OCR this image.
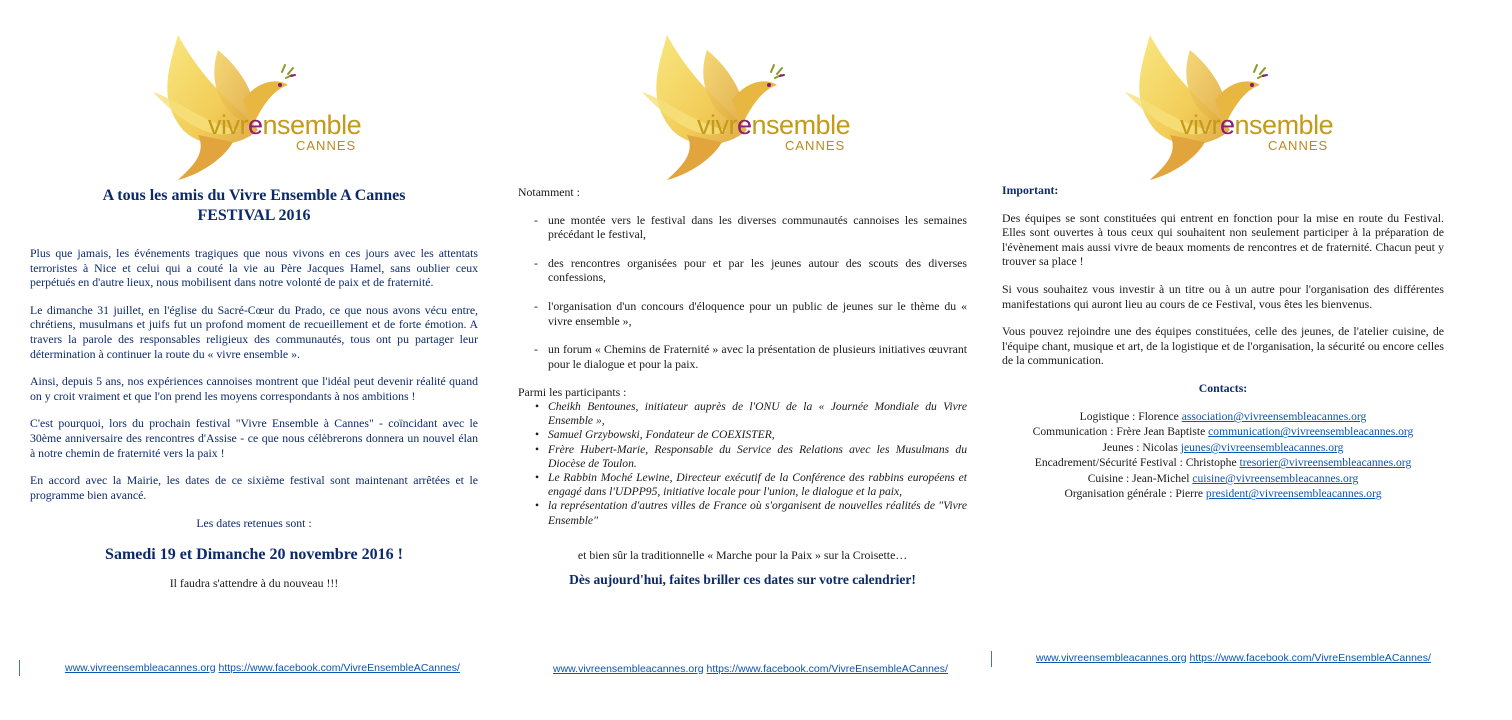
vivrensemble
CANNES
A tous les amis du Vivre Ensemble A Cannes
FESTIVAL 2016

Plus que jamais, les événements tragiques que nous vivons en ces jours avec les attentats terroristes à Nice et celui qui a couté la vie au Père Jacques Hamel, sans oublier ceux perpétués en d'autre lieux, nous mobilisent dans notre volonté de paix et de fraternité.

Le dimanche 31 juillet, en l'église du Sacré-Cœur du Prado, ce que nous avons vécu entre, chrétiens, musulmans et juifs fut un profond moment de recueillement et de forte émotion. A travers la parole des responsables religieux des communautés, tous ont pu partager leur détermination à continuer la route du « vivre ensemble ».

Ainsi, depuis 5 ans, nos expériences cannoises montrent que l'idéal peut devenir réalité quand on y croit vraiment et que l'on prend les moyens correspondants à nos ambitions !

C'est pourquoi, lors du prochain festival "Vivre Ensemble à Cannes" - coïncidant avec le 30ème anniversaire des rencontres d'Assise - ce que nous célèbrerons donnera un nouvel élan à notre chemin de fraternité vers la paix !

En accord avec la Mairie, les dates de ce sixième festival sont maintenant arrêtées et le programme bien avancé.

Les dates retenues sont :

Samedi 19 et Dimanche 20 novembre 2016 !

Il faudra s'attendre à du nouveau !!!

www.vivreensembleacannes.org https://www.facebook.com/VivreEnsembleACannes/
vivrensemble
CANNES

Notamment :

- une montée vers le festival dans les diverses communautés cannoises les semaines précédant le festival,
- des rencontres organisées pour et par les jeunes autour des scouts des diverses confessions,
- l'organisation d'un concours d'éloquence pour un public de jeunes sur le thème du « vivre ensemble »,
- un forum « Chemins de Fraternité » avec la présentation de plusieurs initiatives œuvrant pour le dialogue et pour la paix.

Parmi les participants :

• Cheikh Bentounes, initiateur auprès de l'ONU de la « Journée Mondiale du Vivre Ensemble »,
• Samuel Grzybowski, Fondateur de COEXISTER,
• Frère Hubert-Marie, Responsable du Service des Relations avec les Musulmans du Diocèse de Toulon.
• Le Rabbin Moché Lewine, Directeur exécutif de la Conférence des rabbins européens et engagé dans l'UDPP95, initiative locale pour l'union, le dialogue et la paix,
• la représentation d'autres villes de France où s'organisent de nouvelles réalités de "Vivre Ensemble"

et bien sûr la traditionnelle « Marche pour la Paix » sur la Croisette…

Dès aujourd'hui, faites briller ces dates sur votre calendrier!
www.vivreensembleacannes.org https://www.facebook.com/VivreEnsembleACannes/
vivrensemble
CANNES

Important:

Des équipes se sont constituées qui entrent en fonction pour la mise en route du Festival. Elles sont ouvertes à tous ceux qui souhaitent non seulement participer à la préparation de l'évènement mais aussi vivre de beaux moments de rencontres et de fraternité. Chacun peut y trouver sa place !

Si vous souhaitez vous investir à un titre ou à un autre pour l'organisation des différentes manifestations qui auront lieu au cours de ce Festival, vous êtes les bienvenus.

Vous pouvez rejoindre une des équipes constituées, celle des jeunes, de l'atelier cuisine, de l'équipe chant, musique et art, de la logistique et de l'organisation, la sécurité ou encore celles de la communication.

Contacts:
Logistique : Florence association@vivreensembleacannes.org
Communication : Frère Jean Baptiste communication@vivreensembleacannes.org
Jeunes : Nicolas jeunes@vivreensembleacannes.org
Encadrement/Sécurité Festival : Christophe tresorier@vivreensembleacannes.org
Cuisine : Jean-Michel cuisine@vivreensembleacannes.org
Organisation générale : Pierre president@vivreensembleacannes.org
www.vivreensembleacannes.org https://www.facebook.com/VivreEnsembleACannes/
